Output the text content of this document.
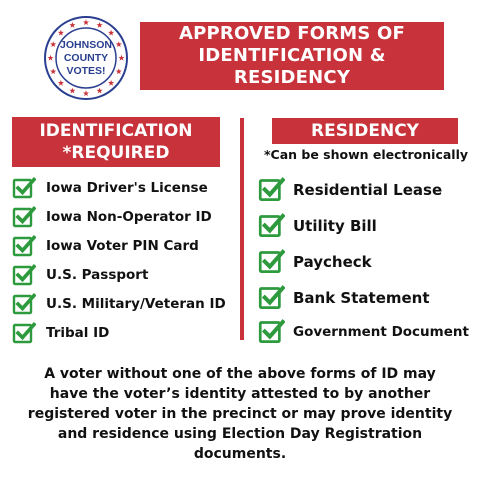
JOHNSON
COUNTY
VOTES!
APPROVED FORMS OF
IDENTIFICATION & RESIDENCY
IDENTIFICATION
*REQUIRED
RESIDENCY
*Can be shown electronically
Iowa Driver's License
Iowa Non-Operator ID
Iowa Voter PIN Card
U.S. Passport
U.S. Military/Veteran ID
Tribal ID
Residential Lease
Utility Bill
Paycheck
Bank Statement
Government Document
A voter without one of the above forms of ID may have the voter’s identity attested to by another registered voter in the precinct or may prove identity and residence using Election Day Registration documents.
